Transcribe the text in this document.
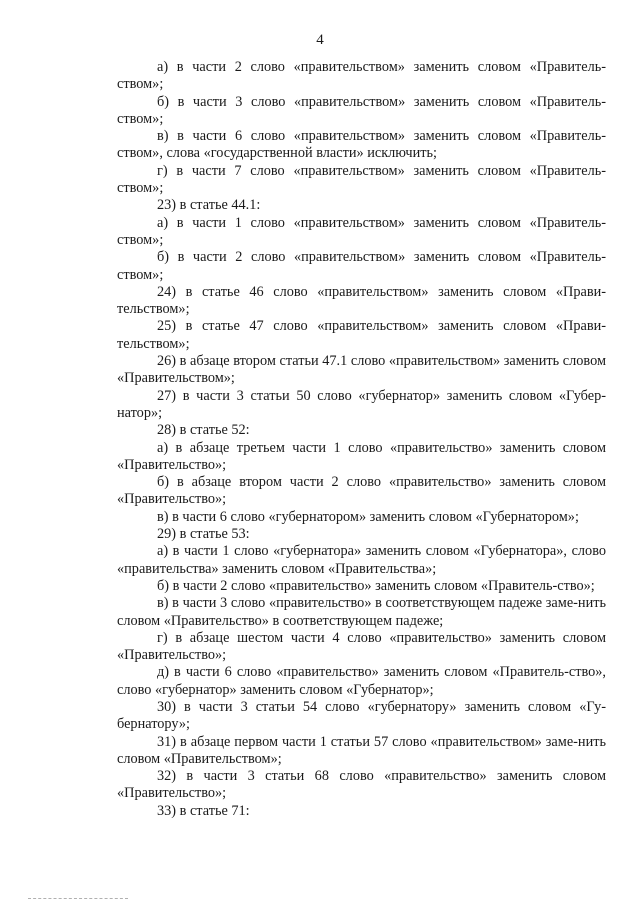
4

а) в части 2 слово «правительством» заменить словом «Правитель-ством»;

б) в части 3 слово «правительством» заменить словом «Правитель-ством»;

в) в части 6 слово «правительством» заменить словом «Правитель-ством», слова «государственной власти» исключить;

г) в части 7 слово «правительством» заменить словом «Правитель-ством»;

23) в статье 44.1:

а) в части 1 слово «правительством» заменить словом «Правитель-ством»;

б) в части 2 слово «правительством» заменить словом «Правитель-ством»;

24) в статье 46 слово «правительством» заменить словом «Прави-тельством»;

25) в статье 47 слово «правительством» заменить словом «Прави-тельством»;

26) в абзаце втором статьи 47.1 слово «правительством» заменить словом «Правительством»;

27) в части 3 статьи 50 слово «губернатор» заменить словом «Губер-натор»;

28) в статье 52:

а) в абзаце третьем части 1 слово «правительство» заменить словом «Правительство»;

б) в абзаце втором части 2 слово «правительство» заменить словом «Правительство»;

в) в части 6 слово «губернатором» заменить словом «Губернатором»;

29) в статье 53:

а) в части 1 слово «губернатора» заменить словом «Губернатора», слово «правительства» заменить словом «Правительства»;

б) в части 2 слово «правительство» заменить словом «Правитель-ство»;

в) в части 3 слово «правительство» в соответствующем падеже заме-нить словом «Правительство» в соответствующем падеже;

г) в абзаце шестом части 4 слово «правительство» заменить словом «Правительство»;

д) в части 6 слово «правительство» заменить словом «Правитель-ство», слово «губернатор» заменить словом «Губернатор»;

30) в части 3 статьи 54 слово «губернатору» заменить словом «Гу-бернатору»;

31) в абзаце первом части 1 статьи 57 слово «правительством» заме-нить словом «Правительством»;

32) в части 3 статьи 68 слово «правительство» заменить словом «Правительство»;

33) в статье 71:
